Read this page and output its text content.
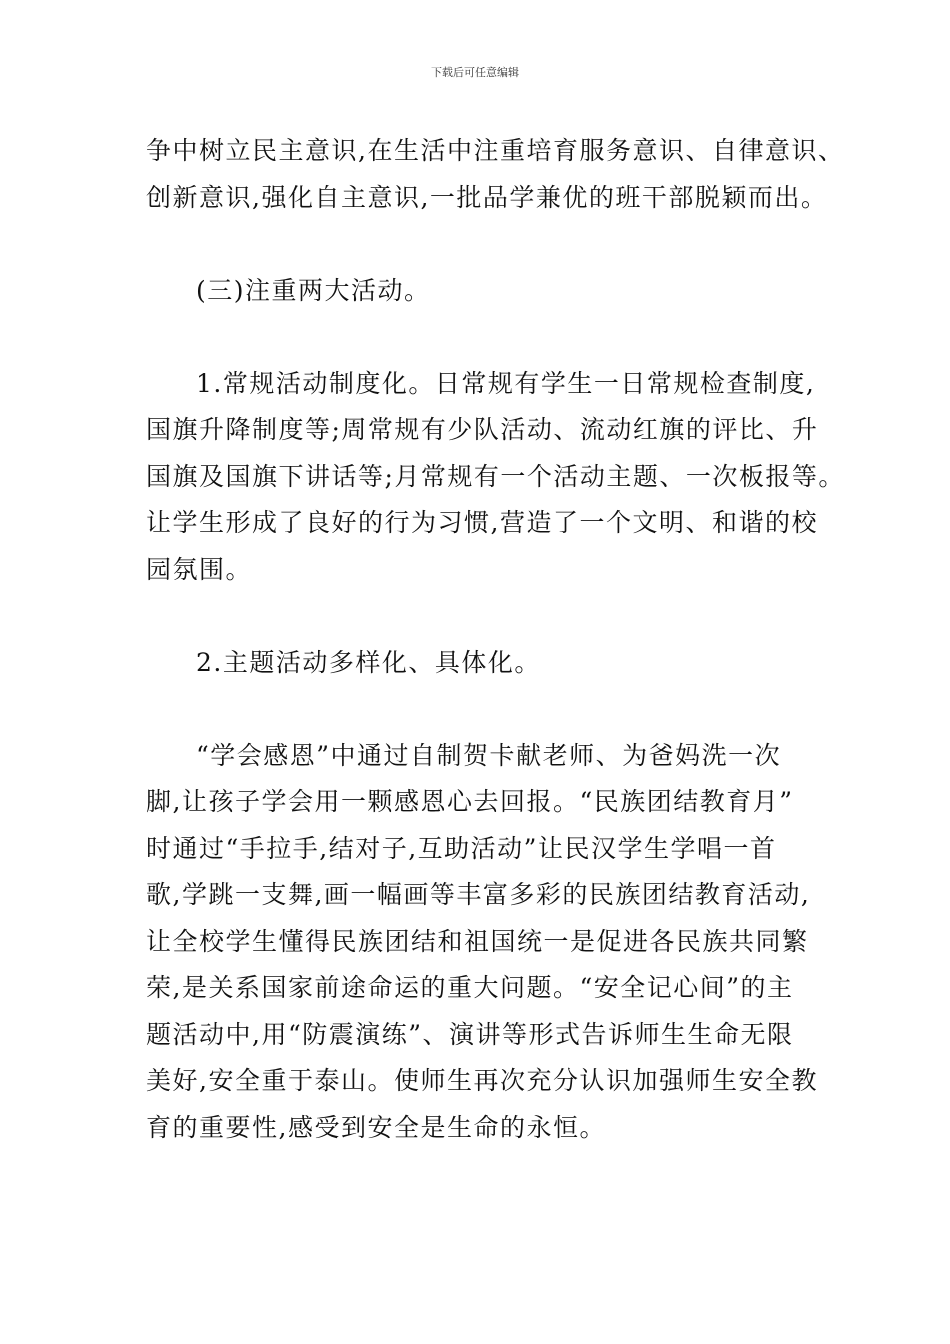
下载后可任意编辑
争中树立民主意识,在生活中注重培育服务意识、自律意识、
创新意识,强化自主意识,一批品学兼优的班干部脱颖而出。
(三)注重两大活动。
1.常规活动制度化。日常规有学生一日常规检查制度,
国旗升降制度等;周常规有少队活动、流动红旗的评比、升
国旗及国旗下讲话等;月常规有一个活动主题、一次板报等。
让学生形成了良好的行为习惯,营造了一个文明、和谐的校
园氛围。
2.主题活动多样化、具体化。
“学会感恩”中通过自制贺卡献老师、为爸妈洗一次
脚,让孩子学会用一颗感恩心去回报。“民族团结教育月”
时通过“手拉手,结对子,互助活动”让民汉学生学唱一首
歌,学跳一支舞,画一幅画等丰富多彩的民族团结教育活动,
让全校学生懂得民族团结和祖国统一是促进各民族共同繁
荣,是关系国家前途命运的重大问题。“安全记心间”的主
题活动中,用“防震演练”、演讲等形式告诉师生生命无限
美好,安全重于泰山。使师生再次充分认识加强师生安全教
育的重要性,感受到安全是生命的永恒。
